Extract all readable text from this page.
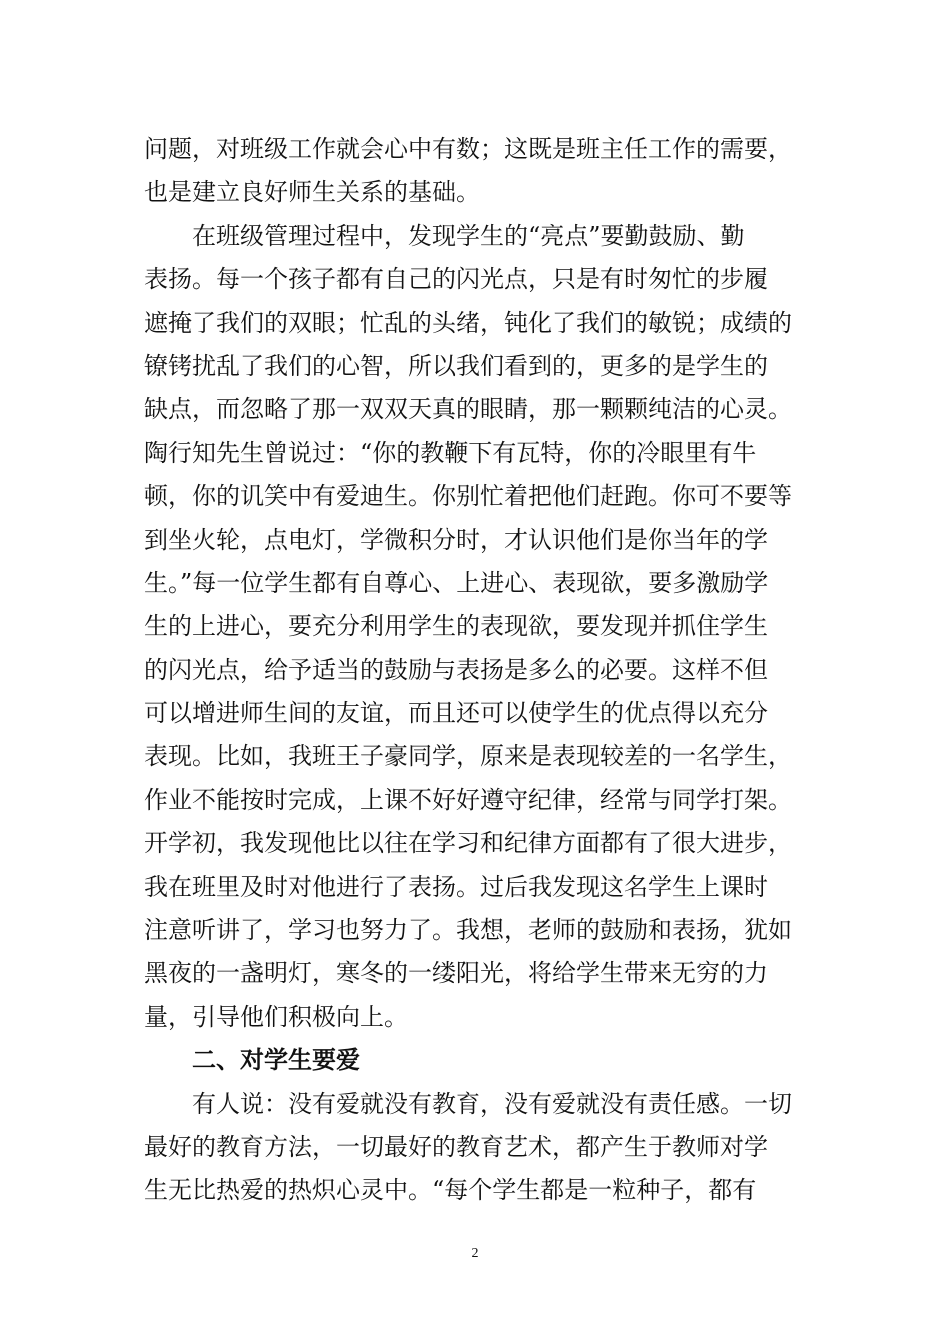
问题，对班级工作就会心中有数；这既是班主任工作的需要，
也是建立良好师生关系的基础。
在班级管理过程中，发现学生的“亮点”要勤鼓励、勤
表扬。每一个孩子都有自己的闪光点，只是有时匆忙的步履
遮掩了我们的双眼；忙乱的头绪，钝化了我们的敏锐；成绩的
镣铐扰乱了我们的心智，所以我们看到的，更多的是学生的
缺点，而忽略了那一双双天真的眼睛，那一颗颗纯洁的心灵。
陶行知先生曾说过：“你的教鞭下有瓦特，你的冷眼里有牛
顿，你的讥笑中有爱迪生。你别忙着把他们赶跑。你可不要等
到坐火轮，点电灯，学微积分时，才认识他们是你当年的学
生。”每一位学生都有自尊心、上进心、表现欲，要多激励学
生的上进心，要充分利用学生的表现欲，要发现并抓住学生
的闪光点，给予适当的鼓励与表扬是多么的必要。这样不但
可以增进师生间的友谊，而且还可以使学生的优点得以充分
表现。比如，我班王子豪同学，原来是表现较差的一名学生，
作业不能按时完成，上课不好好遵守纪律，经常与同学打架。
开学初，我发现他比以往在学习和纪律方面都有了很大进步，
我在班里及时对他进行了表扬。过后我发现这名学生上课时
注意听讲了，学习也努力了。我想，老师的鼓励和表扬，犹如
黑夜的一盏明灯，寒冬的一缕阳光，将给学生带来无穷的力
量，引导他们积极向上。
二、对学生要爱
有人说：没有爱就没有教育，没有爱就没有责任感。一切
最好的教育方法，一切最好的教育艺术，都产生于教师对学
生无比热爱的热炽心灵中。“每个学生都是一粒种子，都有
2
